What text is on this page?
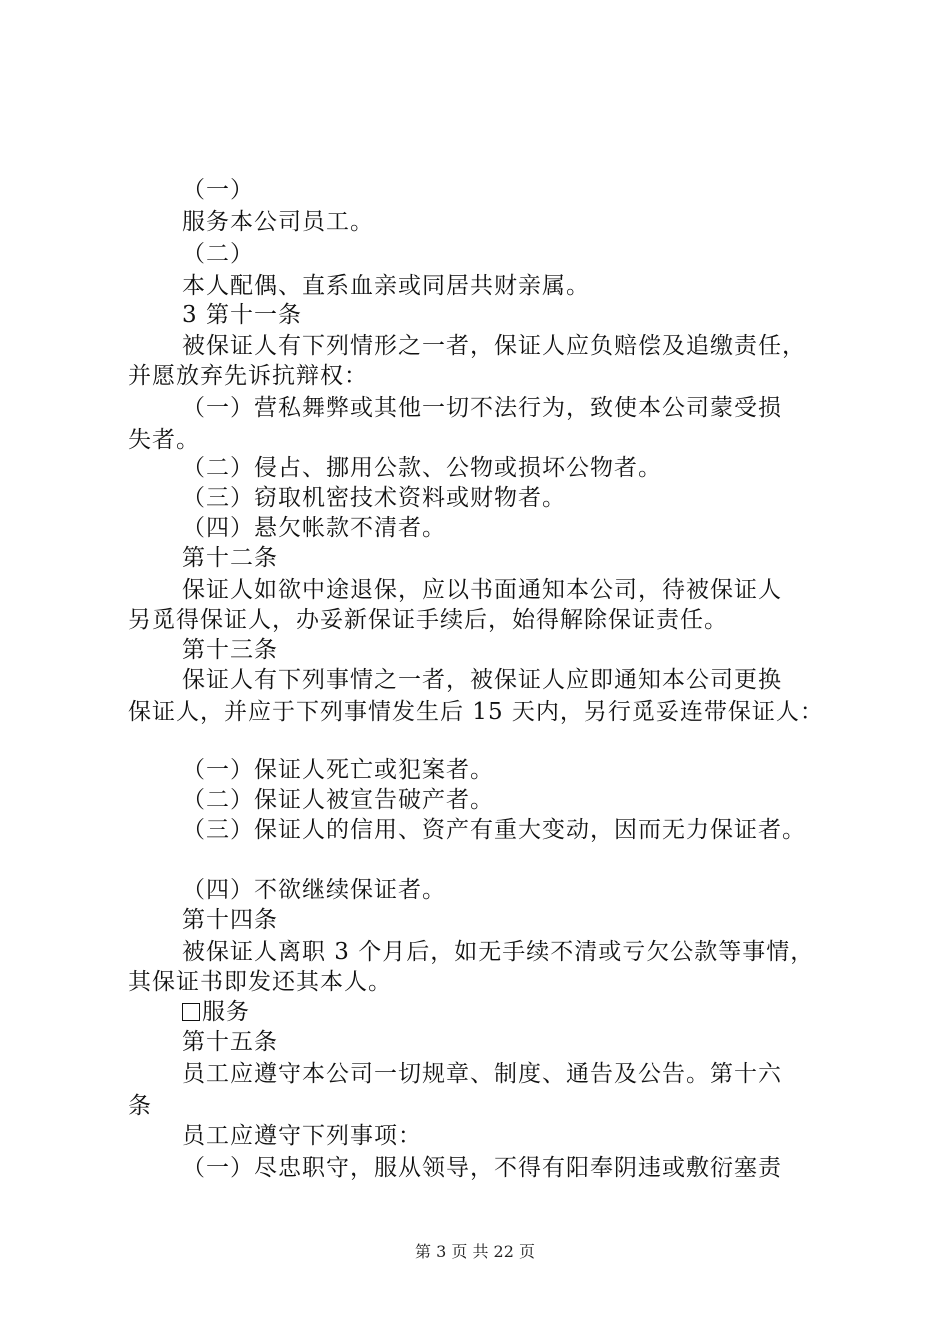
（一）
服务本公司员工。
（二）
本人配偶、直系血亲或同居共财亲属。
3 第十一条
被保证人有下列情形之一者，保证人应负赔偿及追缴责任，
并愿放弃先诉抗辩权：
（一）营私舞弊或其他一切不法行为，致使本公司蒙受损
失者。
（二）侵占、挪用公款、公物或损坏公物者。
（三）窃取机密技术资料或财物者。
（四）悬欠帐款不清者。
第十二条
保证人如欲中途退保，应以书面通知本公司，待被保证人
另觅得保证人，办妥新保证手续后，始得解除保证责任。
第十三条
保证人有下列事情之一者，被保证人应即通知本公司更换
保证人，并应于下列事情发生后 15 天内，另行觅妥连带保证人：
（一）保证人死亡或犯案者。
（二）保证人被宣告破产者。
（三）保证人的信用、资产有重大变动，因而无力保证者。
（四）不欲继续保证者。
第十四条
被保证人离职 3 个月后，如无手续不清或亏欠公款等事情，
其保证书即发还其本人。
服务
第十五条
员工应遵守本公司一切规章、制度、通告及公告。第十六
条
员工应遵守下列事项：
（一）尽忠职守，服从领导，不得有阳奉阴违或敷衍塞责
第 3 页 共 22 页
